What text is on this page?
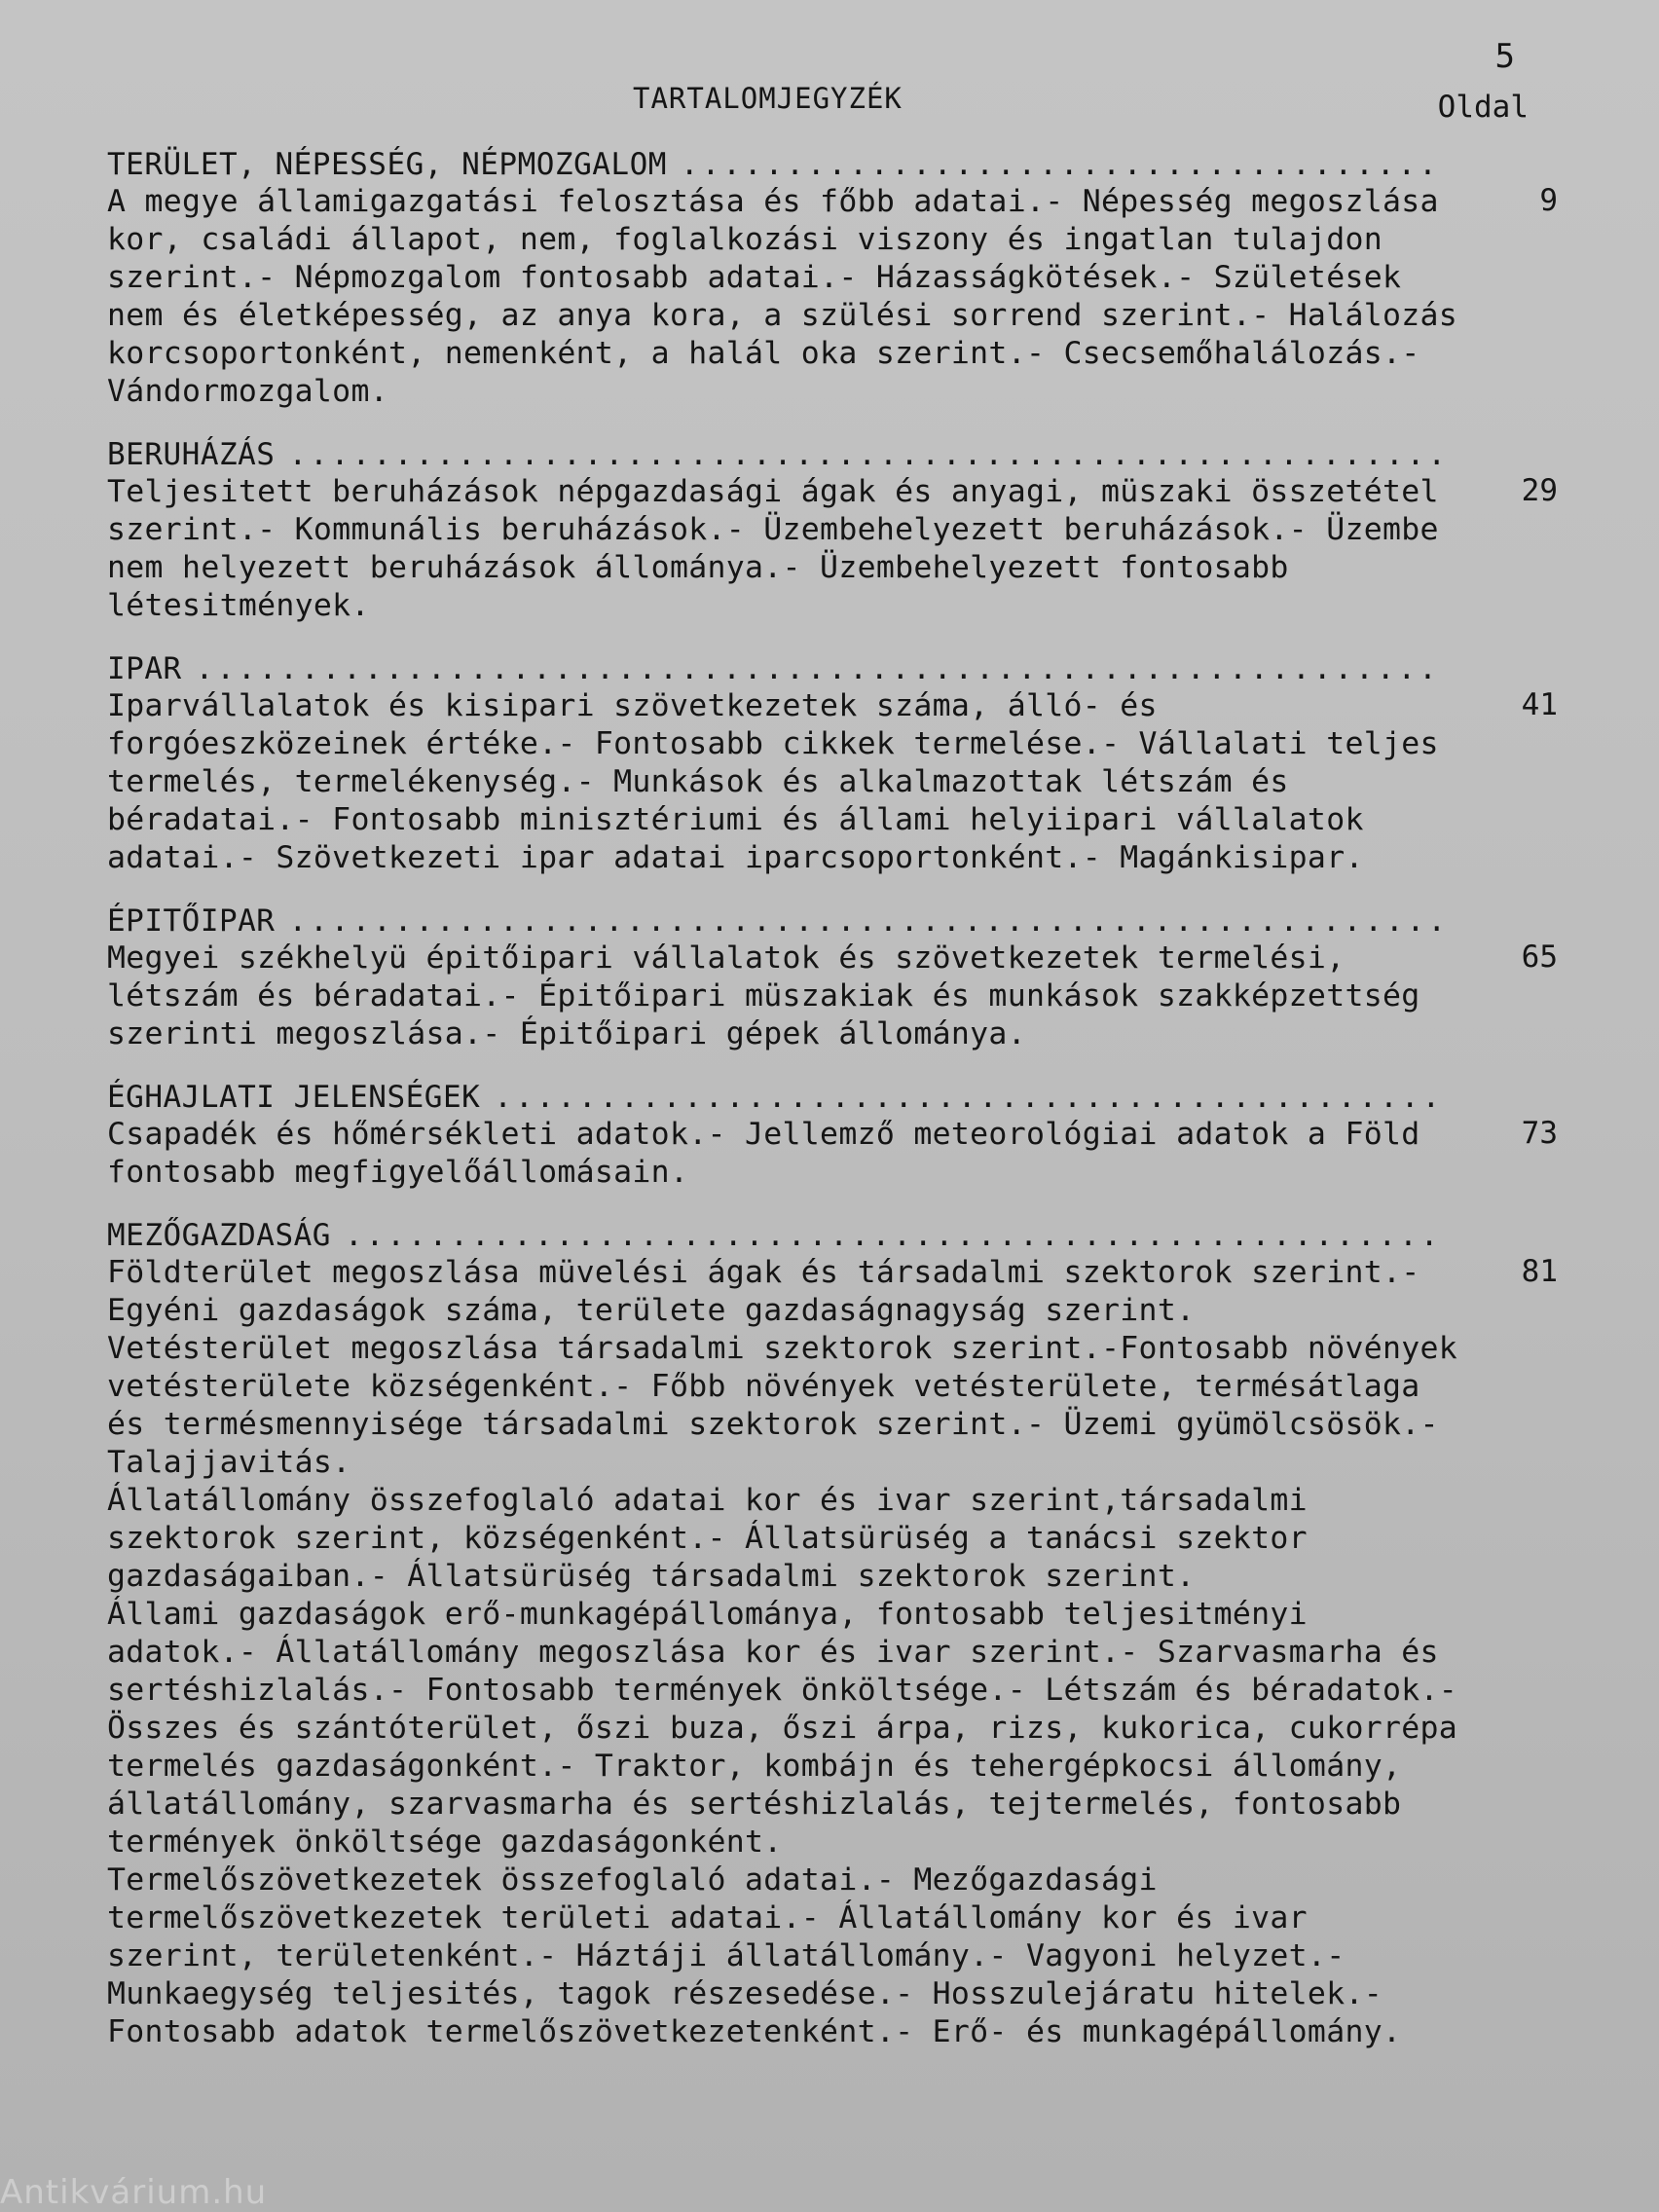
5
TARTALOMJEGYZÉK	Oldal
TERÜLET, NÉPESSÉG, NÉPMOZGALOM
.....
9

A megye államigazgatási felosztása és főbb adatai.- Népesség megoszlása kor, családi állapot, nem, foglalkozási viszony és ingatlan tulajdon szerint.- Népmozgalom fontosabb adatai.- Házasságkötések.- Születések nem és életképesség, az anya kora, a szülési sorrend szerint.- Halálozás korcsoportonként, nemenként, a halál oka szerint.- Csecsemőhalálozás.- Vándormozgalom.

BERUHÁZÁS
.....
29

Teljesitett beruházások népgazdasági ágak és anyagi, müszaki összetétel szerint.- Kommunális beruházások.- Üzembehelyezett beruházások.- Üzembe nem helyezett beruházások állománya.- Üzembehelyezett fontosabb létesitmények.

IPAR
.....
41

Iparvállalatok és kisipari szövetkezetek száma, álló- és forgóeszközeinek értéke.- Fontosabb cikkek termelése.- Vállalati teljes termelés, termelékenység.- Munkások és alkalmazottak létszám és béradatai.- Fontosabb minisztériumi és állami helyiipari vállalatok adatai.- Szövetkezeti ipar adatai iparcsoportonként.- Magánkisipar.

ÉPITŐIPAR
.....
65

Megyei székhelyü épitőipari vállalatok és szövetkezetek termelési, létszám és béradatai.- Épitőipari müszakiak és munkások szakképzettség szerinti megoszlása.- Épitőipari gépek állománya.

ÉGHAJLATI JELENSÉGEK
.....
73

Csapadék és hőmérsékleti adatok.- Jellemző meteorológiai adatok a Föld fontosabb megfigyelőállomásain.

MEZŐGAZDASÁG
.....
81

Földterület megoszlása müvelési ágak és társadalmi szektorok szerint.- Egyéni gazdaságok száma, területe gazdaságnagyság szerint.

Vetésterület megoszlása társadalmi szektorok szerint.-Fontosabb növények vetésterülete községenként.- Főbb növények vetésterülete, termésátlaga és termésmennyisége társadalmi szektorok szerint.- Üzemi gyümölcsösök.- Talajjavitás.

Állatállomány összefoglaló adatai kor és ivar szerint,társadalmi szektorok szerint, községenként.- Állatsürüség a tanácsi szektor gazdaságaiban.- Állatsürüség társadalmi szektorok szerint.

Állami gazdaságok erő-munkagépállománya, fontosabb teljesitményi adatok.- Állatállomány megoszlása kor és ivar szerint.- Szarvasmarha és sertéshizlalás.- Fontosabb termények önköltsége.- Létszám és béradatok.- Összes és szántóterület, őszi buza, őszi árpa, rizs, kukorica, cukorrépa termelés gazdaságonként.- Traktor, kombájn és tehergépkocsi állomány, állatállomány, szarvasmarha és sertéshizlalás, tejtermelés, fontosabb termények önköltsége gazdaságonként.

Termelőszövetkezetek összefoglaló adatai.- Mezőgazdasági termelőszövetkezetek területi adatai.- Állatállomány kor és ivar szerint, területenként.- Háztáji állatállomány.- Vagyoni helyzet.- Munkaegység teljesités, tagok részesedése.- Hosszulejáratu hitelek.- Fontosabb adatok termelőszövetkezetenként.- Erő- és munkagépállomány.

Antikvárium.hu
